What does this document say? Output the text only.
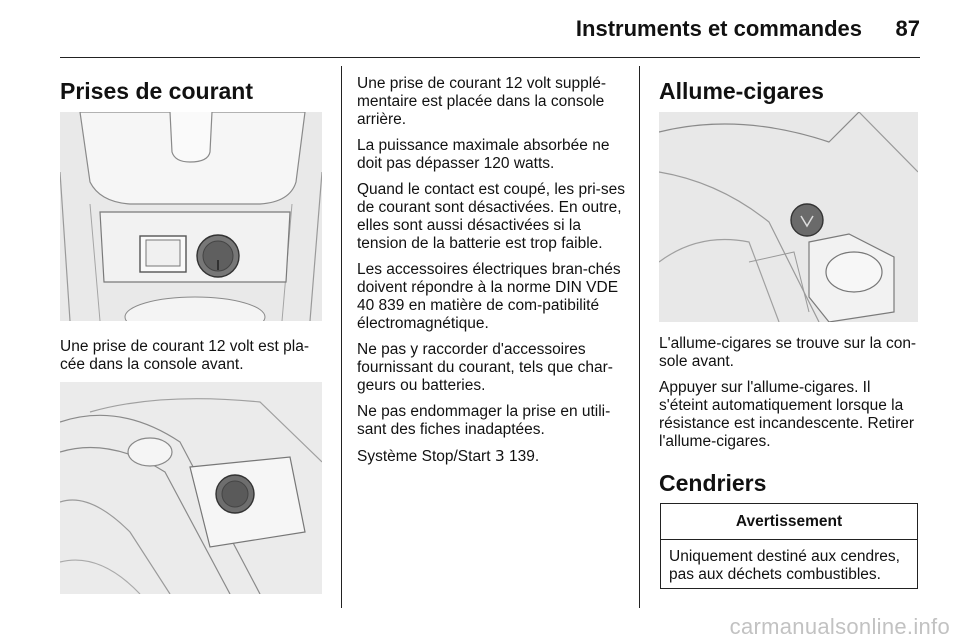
Instruments et commandes	87
Prises de courant

Une prise de courant 12 volt est pla-cée dans la console avant.

Une prise de courant 12 volt supplé-mentaire est placée dans la console arrière.

La puissance maximale absorbée ne doit pas dépasser 120 watts.

Quand le contact est coupé, les pri-ses de courant sont désactivées. En outre, elles sont aussi désactivées si la tension de la batterie est trop faible.

Les accessoires électriques bran-chés doivent répondre à la norme DIN VDE 40 839 en matière de com-patibilité électromagnétique.

Ne pas y raccorder d'accessoires fournissant du courant, tels que char-geurs ou batteries.

Ne pas endommager la prise en utili-sant des fiches inadaptées.

Système Stop/Start 3 139.

Allume-cigares

L'allume-cigares se trouve sur la con-sole avant.

Appuyer sur l'allume-cigares. Il s'éteint automatiquement lorsque la résistance est incandescente. Retirer l'allume-cigares.

Cendriers
Avertissement
Uniquement destiné aux cendres, pas aux déchets combustibles.
carmanualsonline.info
